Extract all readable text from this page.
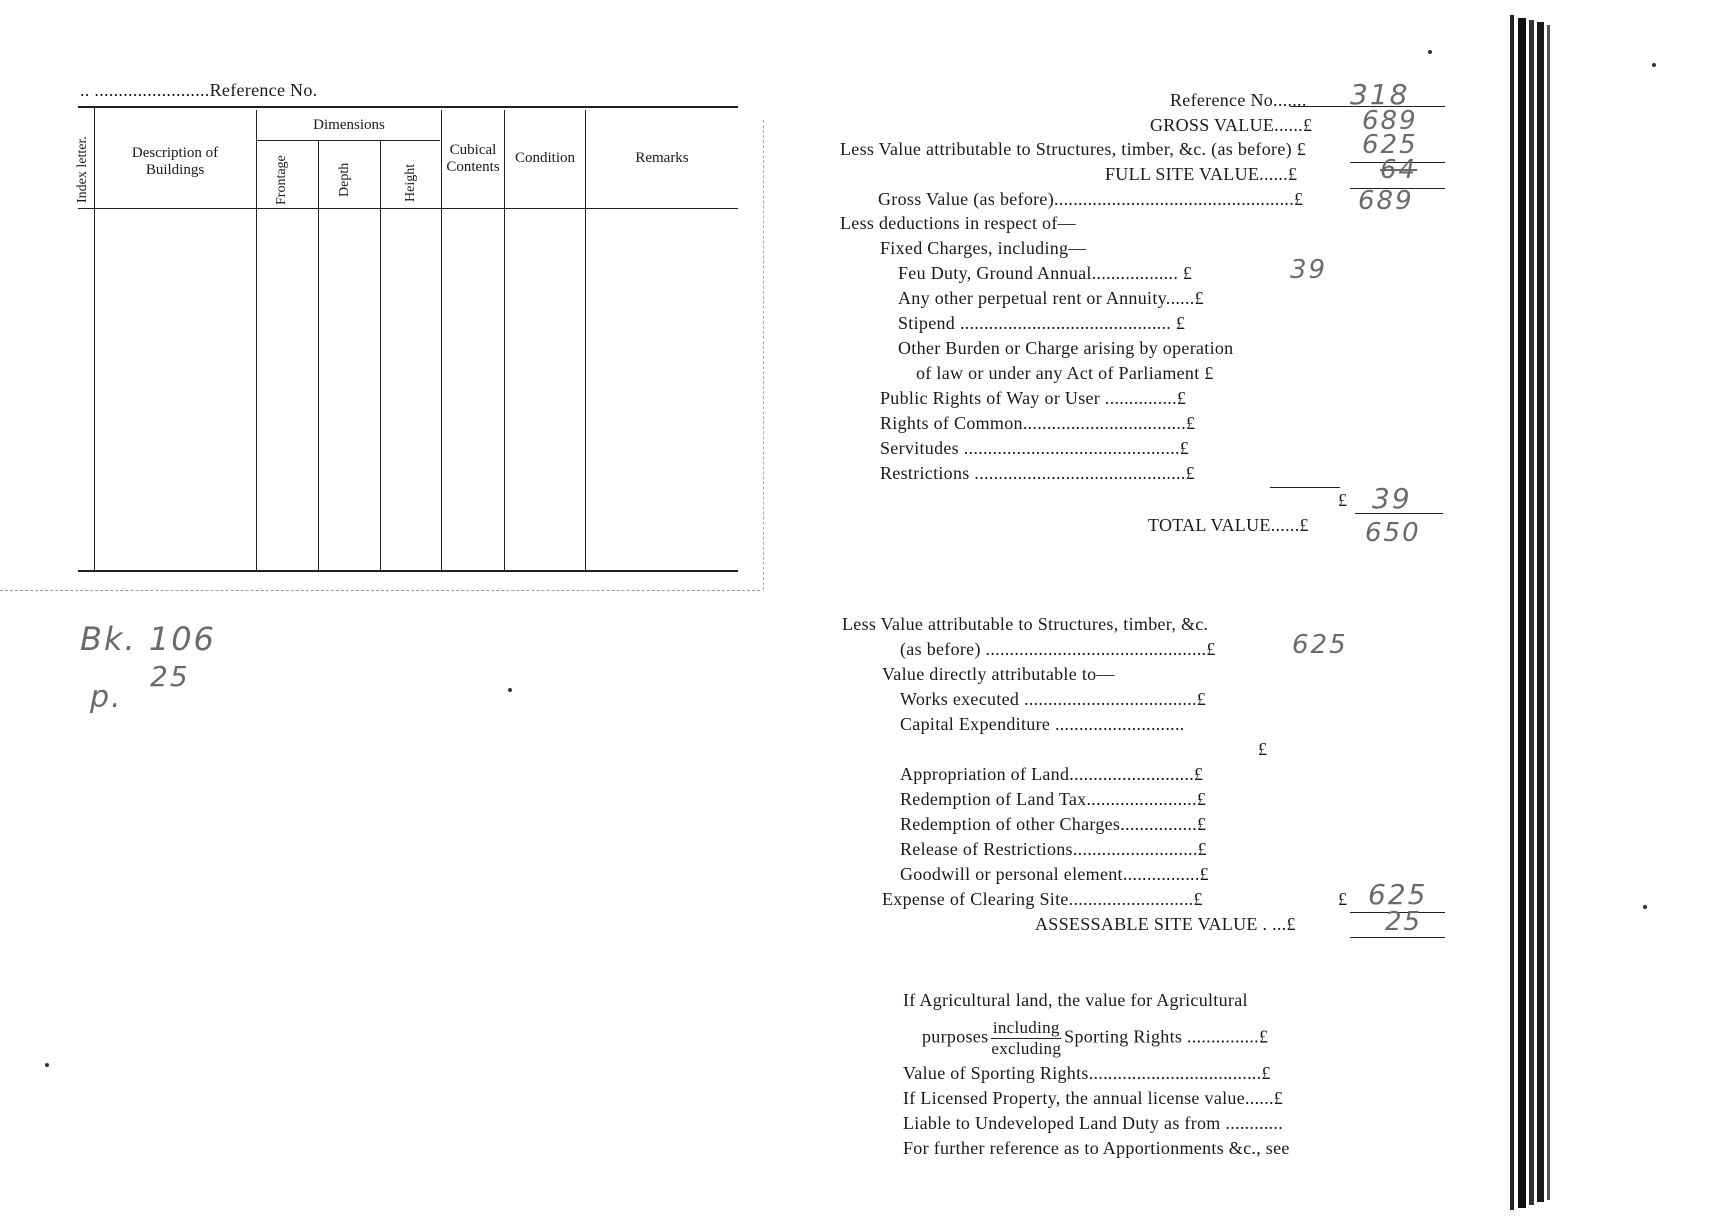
.. ........................Reference No.
Index letter.	Description of
Buildings
Dimensions
Frontage	Depth	Height
Cubical
Contents
Condition	Remarks
Bk. 106
p.
25
Reference No....... 318
GROSS VALUE......£ 689
Less Value attributable to Structures, timber, &c. (as before) £ 625
FULL SITE VALUE......£	64
Gross Value (as before)..................................................£ 689
Less deductions in respect of—
Fixed Charges, including—
Feu Duty, Ground Annual.................. £	39
Any other perpetual rent or Annuity......£
Stipend ............................................ £
Other Burden or Charge arising by operation
of law or under any Act of Parliament £
Public Rights of Way or User ...............£
Rights of Common..................................£
Servitudes .............................................£
Restrictions ............................................£
£ 39
TOTAL VALUE......£ 650
Less Value attributable to Structures, timber, &c.
(as before) ..............................................£	625
Value directly attributable to—
Works executed ....................................£
Capital Expenditure ...........................
£
Appropriation of Land..........................£
Redemption of Land Tax.......................£
Redemption of other Charges................£
Release of Restrictions..........................£
Goodwill or personal element................£
Expense of Clearing Site..........................£	£ 625
ASSESSABLE SITE VALUE . ...£	25
If Agricultural land, the value for Agricultural
purposes $\frac{\text{including}}{\text{excluding}}$ Sporting Rights ...............£
Value of Sporting Rights....................................£
If Licensed Property, the annual license value......£
Liable to Undeveloped Land Duty as from ............
For further reference as to Apportionments &c., see
